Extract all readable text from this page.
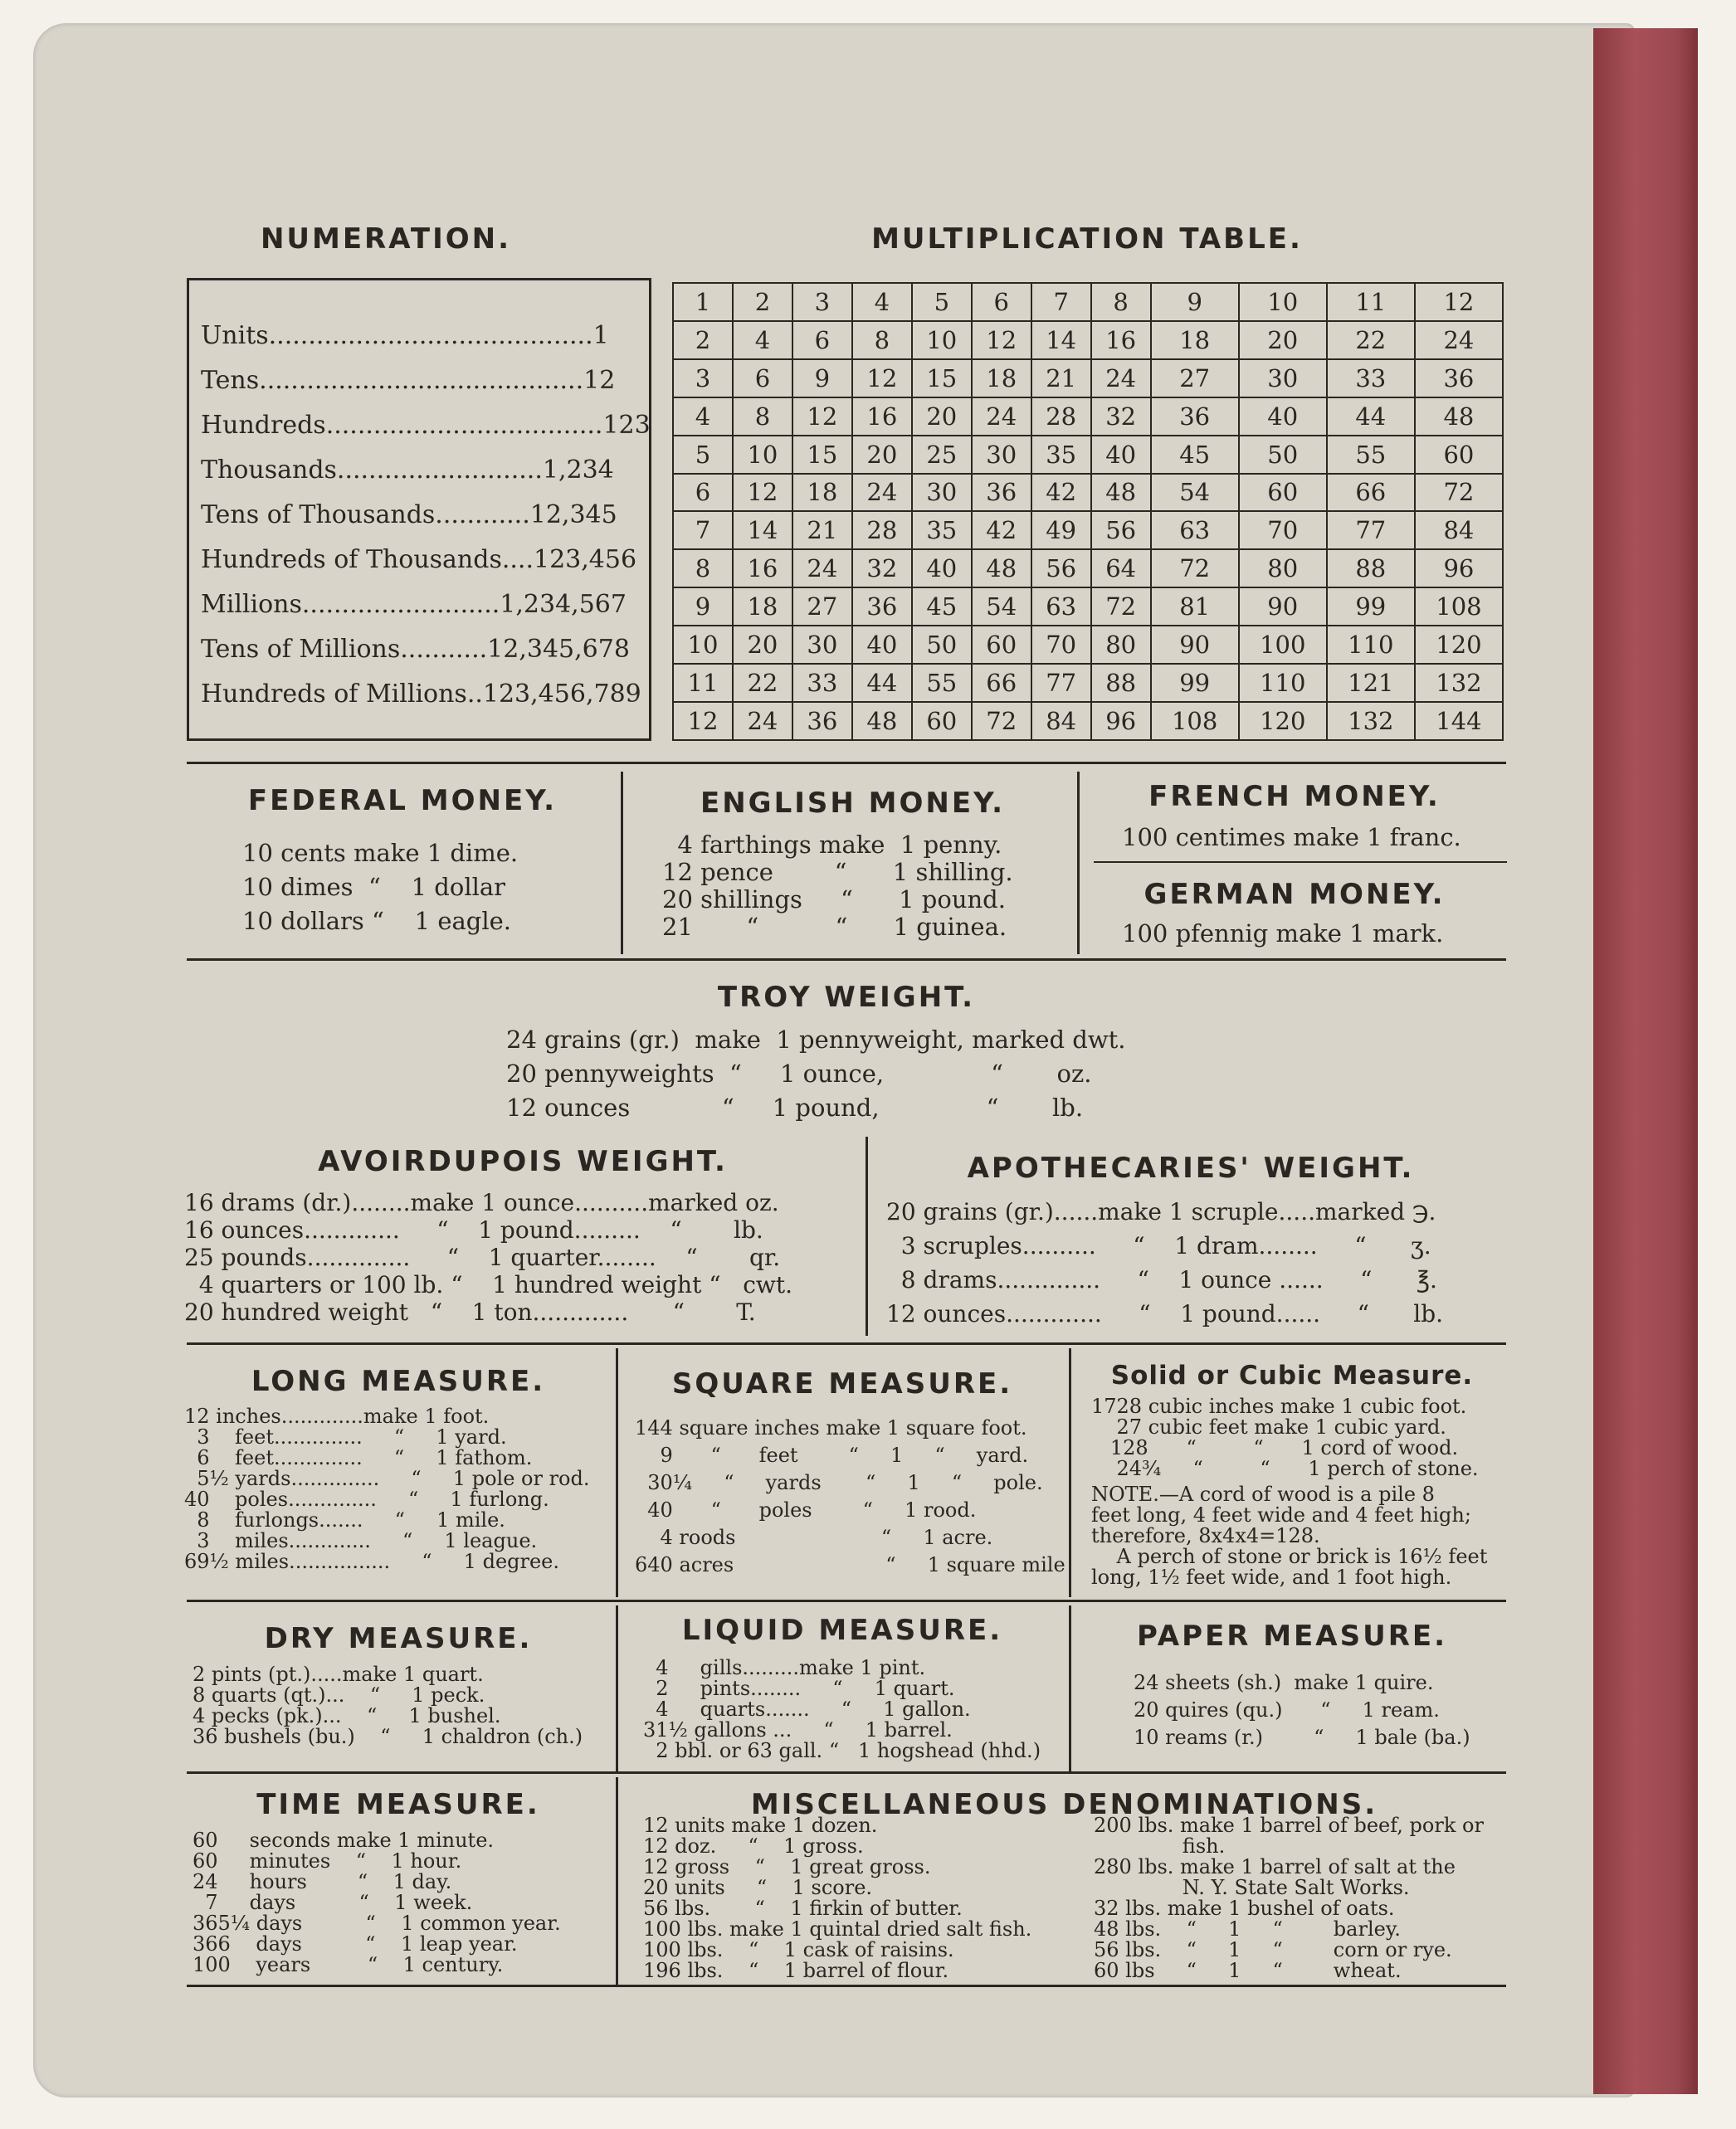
NUMERATION.
Units.........................................1
Tens.........................................12
Hundreds...................................123
Thousands..........................1,234
Tens of Thousands............12,345
Hundreds of Thousands....123,456
Millions.........................1,234,567
Tens of Millions...........12,345,678
Hundreds of Millions..123,456,789
MULTIPLICATION TABLE.
1	2	3	4	5	6	7	8	9	10	11	12
2	4	6	8	10	12	14	16	18	20	22	24
3	6	9	12	15	18	21	24	27	30	33	36
4	8	12	16	20	24	28	32	36	40	44	48
5	10	15	20	25	30	35	40	45	50	55	60
6	12	18	24	30	36	42	48	54	60	66	72
7	14	21	28	35	42	49	56	63	70	77	84
8	16	24	32	40	48	56	64	72	80	88	96
9	18	27	36	45	54	63	72	81	90	99	108
10	20	30	40	50	60	70	80	90	100	110	120
11	22	33	44	55	66	77	88	99	110	121	132
12	24	36	48	60	72	84	96	108	120	132	144
FEDERAL MONEY.
10 cents make 1 dime.
10 dimes  “    1 dollar
10 dollars “    1 eagle.
ENGLISH MONEY.
4 farthings make  1 penny.
12 pence        “      1 shilling.
20 shillings     “      1 pound.
21       “          “      1 guinea.
FRENCH MONEY.
100 centimes make 1 franc.
GERMAN MONEY.
100 pfennig make 1 mark.
TROY WEIGHT.
24 grains (gr.)  make  1 pennyweight, marked dwt.
20 pennyweights  “     1 ounce,              “       oz.
12 ounces            “     1 pound,              “       lb.
AVOIRDUPOIS WEIGHT.
16 drams (dr.)........make 1 ounce..........marked oz.
16 ounces.............     “    1 pound.........    “       lb.
25 pounds..............     “    1 quarter........    “       qr.
4 quarters or 100 lb. “    1 hundred weight “   cwt.
20 hundred weight   “    1 ton.............      “       T.
APOTHECARIES' WEIGHT.
20 grains (gr.)......make 1 scruple.....marked ℈.
3 scruples..........     “    1 dram........     “      ʒ.
8 drams..............     “    1 ounce ......     “      ℥.
12 ounces.............     “    1 pound......     “      lb.
LONG MEASURE.
12 inches.............make 1 foot.
3    feet..............     “     1 yard.
6    feet..............     “     1 fathom.
5½ yards..............     “     1 pole or rod.
40    poles..............     “     1 furlong.
8    furlongs.......     “     1 mile.
3    miles.............     “     1 league.
69½ miles................     “     1 degree.
SQUARE MEASURE.
144 square inches make 1 square foot.
9      “      feet        “     1     “     yard.
30¼     “     yards       “     1     “     pole.
40      “      poles        “     1 rood.
4 roods                       “     1 acre.
640 acres                        “     1 square mile
Solid or Cubic Measure.
1728 cubic inches make 1 cubic foot.
27 cubic feet make 1 cubic yard.
128      “         “      1 cord of wood.
24¾     “         “      1 perch of stone.
NOTE.—A cord of wood is a pile 8
feet long, 4 feet wide and 4 feet high;
therefore, 8x4x4=128.
A perch of stone or brick is 16½ feet
long, 1½ feet wide, and 1 foot high.
DRY MEASURE.
2 pints (pt.).....make 1 quart.
8 quarts (qt.)...    “     1 peck.
4 pecks (pk.)...    “     1 bushel.
36 bushels (bu.)    “     1 chaldron (ch.)
LIQUID MEASURE.
4     gills.........make 1 pint.
2     pints........     “     1 quart.
4     quarts.......     “     1 gallon.
31½ gallons ...     “     1 barrel.
2 bbl. or 63 gall. “   1 hogshead (hhd.)
PAPER MEASURE.
24 sheets (sh.)  make 1 quire.
20 quires (qu.)      “     1 ream.
10 reams (r.)        “     1 bale (ba.)
TIME MEASURE.
60     seconds make 1 minute.
60     minutes    “    1 hour.
24     hours        “    1 day.
7     days          “    1 week.
365¼ days          “    1 common year.
366    days          “    1 leap year.
100    years         “    1 century.
MISCELLANEOUS DENOMINATIONS.
12 units make 1 dozen.
12 doz.     “    1 gross.
12 gross    “    1 great gross.
20 units     “    1 score.
56 lbs.       “    1 firkin of butter.
100 lbs. make 1 quintal dried salt fish.
100 lbs.    “    1 cask of raisins.
196 lbs.    “    1 barrel of flour.
200 lbs. make 1 barrel of beef, pork or
fish.
280 lbs. make 1 barrel of salt at the
N. Y. State Salt Works.
32 lbs. make 1 bushel of oats.
48 lbs.    “     1     “        barley.
56 lbs.    “     1     “        corn or rye.
60 lbs     “     1     “        wheat.
